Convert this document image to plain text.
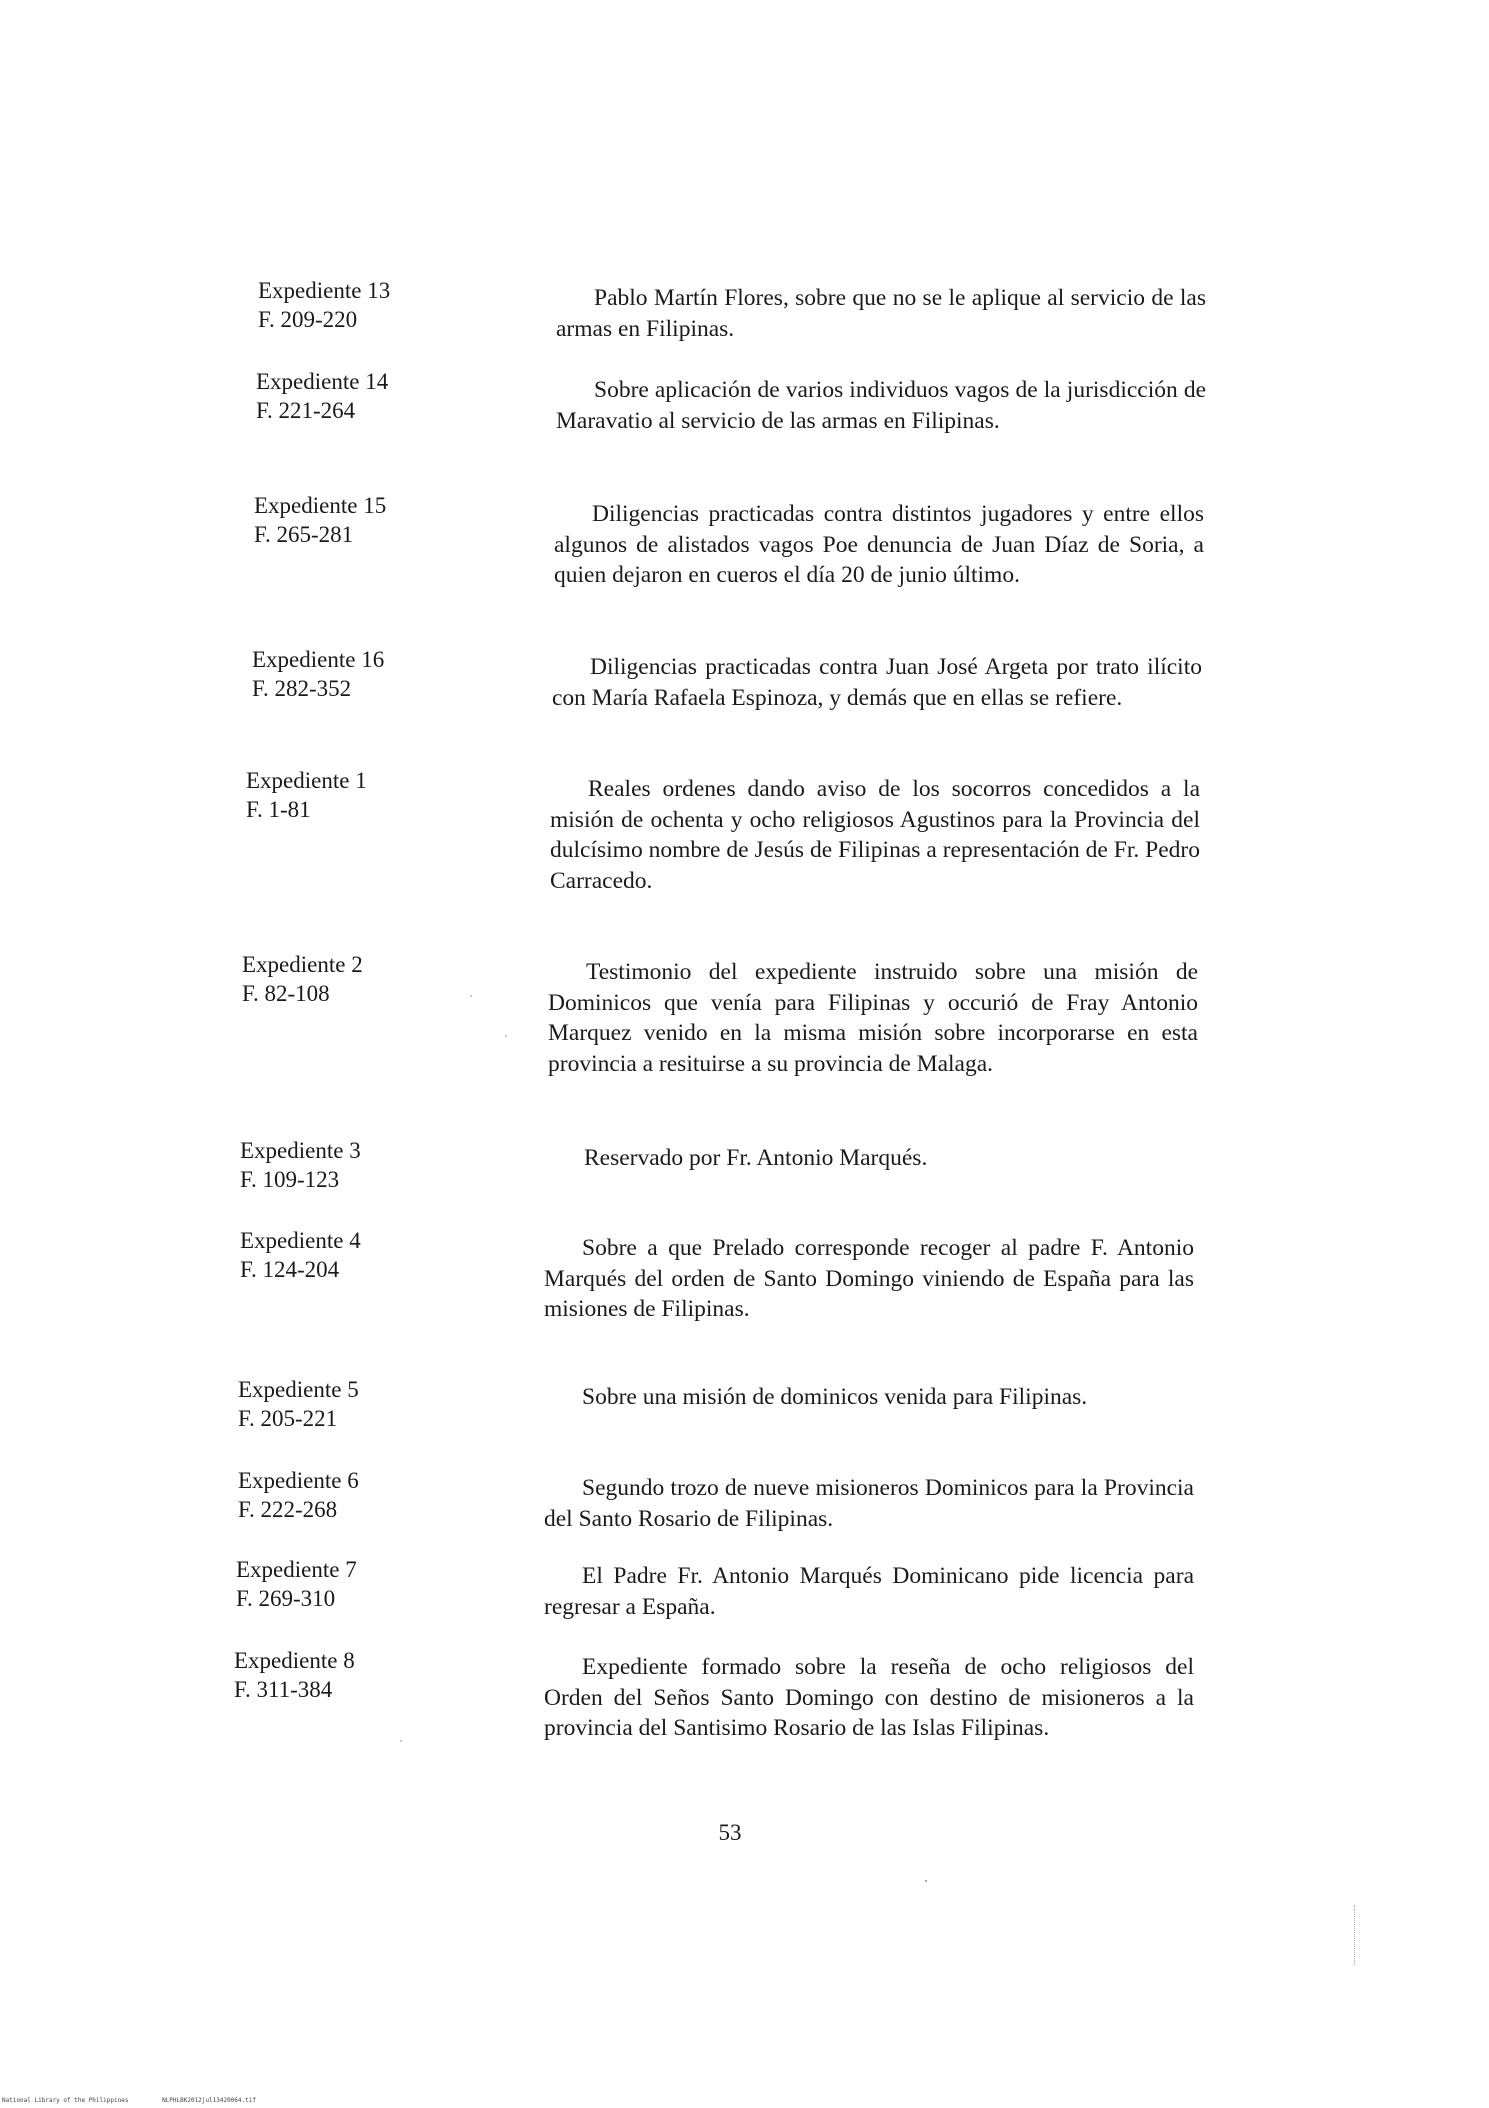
Expediente 13
F. 209-220
Pablo Martín Flores, sobre que no se le aplique al servicio de las armas en Filipinas.
Expediente 14
F. 221-264
Sobre aplicación de varios individuos vagos de la jurisdicción de Maravatio al servicio de las armas en Filipinas.
Expediente 15
F. 265-281
Diligencias practicadas contra distintos jugadores y entre ellos algunos de alistados vagos Poe denuncia de Juan Díaz de Soria, a quien dejaron en cueros el día 20 de junio último.
Expediente 16
F. 282-352
Diligencias practicadas contra Juan José Argeta por trato ilícito con María Rafaela Espinoza, y demás que en ellas se refiere.
Expediente 1
F. 1-81
Reales ordenes dando aviso de los socorros concedidos a la misión de ochenta y ocho religiosos Agustinos para la Provincia del dulcísimo nombre de Jesús de Filipinas a representación de Fr. Pedro Carracedo.
Expediente 2
F. 82-108
Testimonio del expediente instruido sobre una misión de Dominicos que venía para Filipinas y occurió de Fray Antonio Marquez venido en la misma misión sobre incorporarse en esta provincia a resituirse a su provincia de Malaga.
Expediente 3
F. 109-123
Reservado por Fr. Antonio Marqués.
Expediente 4
F. 124-204
Sobre a que Prelado corresponde recoger al padre F. Antonio Marqués del orden de Santo Domingo viniendo de España para las misiones de Filipinas.
Expediente 5
F. 205-221
Sobre una misión de dominicos venida para Filipinas.
Expediente 6
F. 222-268
Segundo trozo de nueve misioneros Dominicos para la Provincia del Santo Rosario de Filipinas.
Expediente 7
F. 269-310
El Padre Fr. Antonio Marqués Dominicano pide licencia para regresar a España.
Expediente 8
F. 311-384
Expediente formado sobre la reseña de ocho religiosos del Orden del Seños Santo Domingo con destino de misioneros a la provincia del Santisimo Rosario de las Islas Filipinas.
53
National Library of the Philippines	NLPHLBK2012jul13420064.tif
